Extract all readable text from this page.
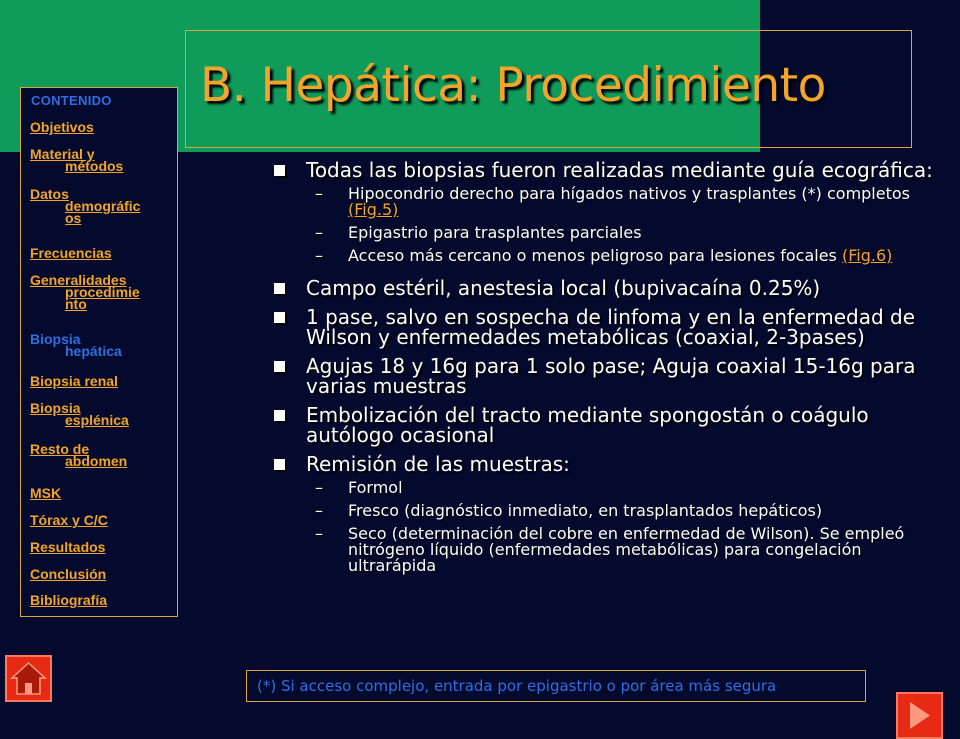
B. Hepática: Procedimiento
CONTENIDO
Objetivos
Material y
métodos
Datos
demográfic
os
Frecuencias
Generalidades
procedimie
nto
Biopsia
hepática
Biopsia renal
Biopsia
esplénica
Resto de
abdomen
MSK
Tórax y C/C
Resultados
Conclusión
Bibliografía
Todas las biopsias fueron realizadas mediante guía ecográfica:
– Hipocondrio derecho para hígados nativos y trasplantes (*) completos (Fig.5)
– Epigastrio para trasplantes parciales
– Acceso más cercano o menos peligroso para lesiones focales (Fig.6)
Campo estéril, anestesia local (bupivacaína 0.25%)
1 pase, salvo en sospecha de linfoma y en la enfermedad de Wilson y enfermedades metabólicas (coaxial, 2-3pases)
Agujas 18 y 16g para 1 solo pase; Aguja coaxial 15-16g para varias muestras
Embolización del tracto mediante spongostán o coágulo autólogo ocasional
Remisión de las muestras:
– Formol
– Fresco (diagnóstico inmediato, en trasplantados hepáticos)
– Seco (determinación del cobre en enfermedad de Wilson). Se empleó nitrógeno líquido (enfermedades metabólicas) para congelación ultrarápida
(*) Si acceso complejo, entrada por epigastrio o por área más segura
